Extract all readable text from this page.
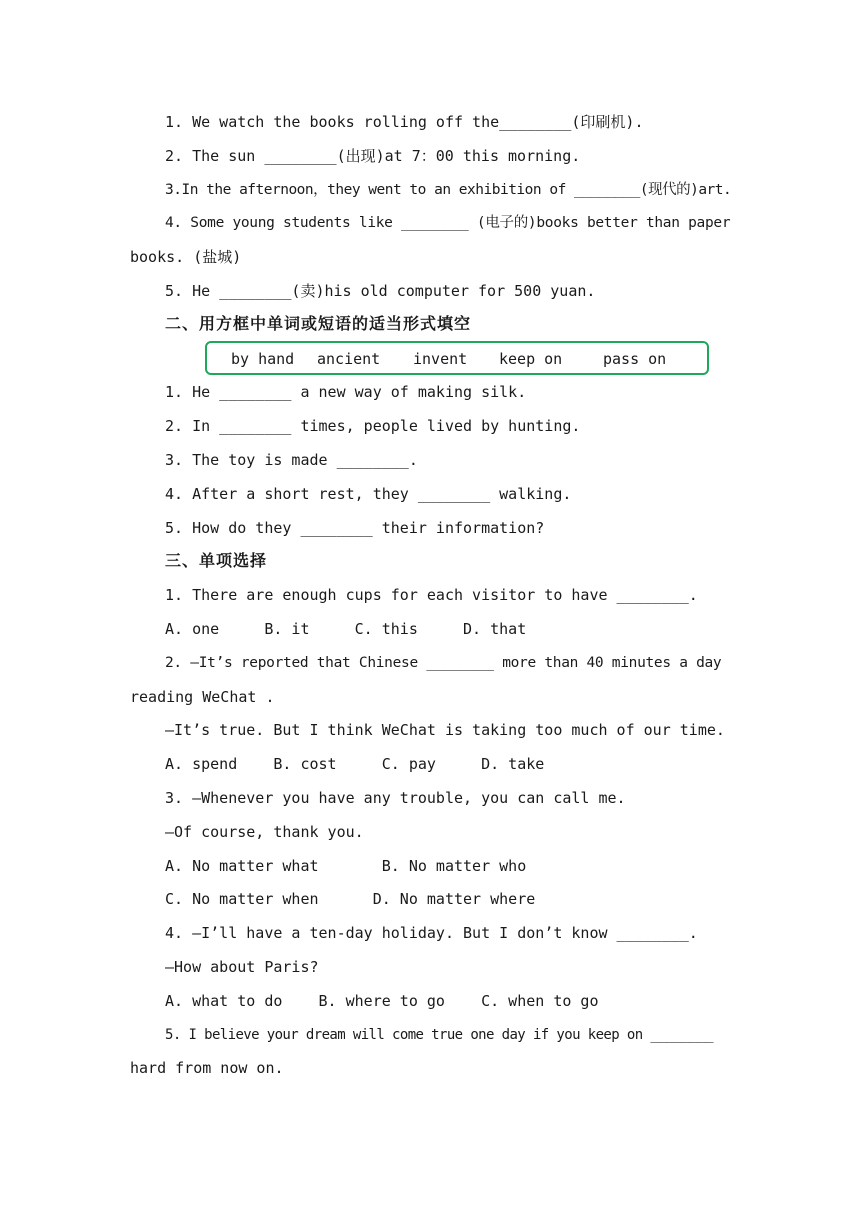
1. We watch the books rolling off the________(印刷机).
2. The sun ________(出现)at 7：00 this morning.
3.In the afternoon，they went to an exhibition of ________(现代的)art.
4. Some young students like ________ (电子的)books better than paper
books. (盐城)
5. He ________(卖)his old computer for 500 yuan.
二、用方框中单词或短语的适当形式填空
by hand ancient invent keep on	pass on
1. He ________ a new way of making silk.
2. In ________ times, people lived by hunting.
3. The toy is made ________.
4. After a short rest, they ________ walking.
5. How do they ________ their information?
三、单项选择
1. There are enough cups for each visitor to have ________.
A. one     B. it     C. this     D. that
2. —It’s reported that Chinese ________ more than 40 minutes a day
reading WeChat .
—It’s true. But I think WeChat is taking too much of our time.
A. spend    B. cost     C. pay     D. take
3. —Whenever you have any trouble, you can call me.
—Of course, thank you.
A. No matter what       B. No matter who
C. No matter when      D. No matter where
4. —I’ll have a ten-day holiday. But I don’t know ________.
—How about Paris?
A. what to do    B. where to go    C. when to go
5. I believe your dream will come true one day if you keep on ________
hard from now on.
